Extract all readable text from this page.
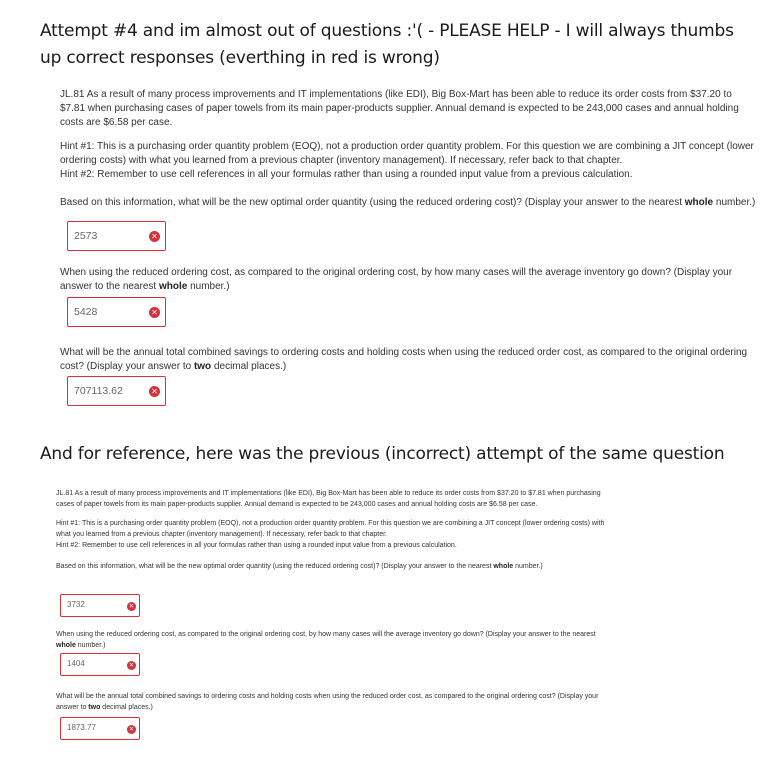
Attempt #4 and im almost out of questions :'( - PLEASE HELP - I will always thumbs up correct responses (everthing in red is wrong)

JL.81 As a result of many process improvements and IT implementations (like EDI), Big Box-Mart has been able to reduce its order costs from $37.20 to $7.81 when purchasing cases of paper towels from its main paper-products supplier. Annual demand is expected to be 243,000 cases and annual holding costs are $6.58 per case.

Hint #1: This is a purchasing order quantity problem (EOQ), not a production order quantity problem. For this question we are combining a JIT concept (lower ordering costs) with what you learned from a previous chapter (inventory management). If necessary, refer back to that chapter.

Hint #2: Remember to use cell references in all your formulas rather than using a rounded input value from a previous calculation.

Based on this information, what will be the new optimal order quantity (using the reduced ordering cost)? (Display your answer to the nearest whole number.)

2573	✕

When using the reduced ordering cost, as compared to the original ordering cost, by how many cases will the average inventory go down? (Display your answer to the nearest whole number.)

5428	✕

What will be the annual total combined savings to ordering costs and holding costs when using the reduced order cost, as compared to the original ordering cost? (Display your answer to two decimal places.)

707113.62	✕
And for reference, here was the previous (incorrect) attempt of the same question

JL.81 As a result of many process improvements and IT implementations (like EDI), Big Box-Mart has been able to reduce its order costs from $37.20 to $7.81 when purchasing cases of paper towels from its main paper-products supplier. Annual demand is expected to be 243,000 cases and annual holding costs are $6.58 per case.

Hint #1: This is a purchasing order quantity problem (EOQ), not a production order quantity problem. For this question we are combining a JIT concept (lower ordering costs) with what you learned from a previous chapter (inventory management). If necessary, refer back to that chapter.

Hint #2: Remember to use cell references in all your formulas rather than using a rounded input value from a previous calculation.

Based on this information, what will be the new optimal order quantity (using the reduced ordering cost)? (Display your answer to the nearest whole number.)

3732	✕

When using the reduced ordering cost, as compared to the original ordering cost, by how many cases will the average inventory go down? (Display your answer to the nearest whole number.)

1404	✕

What will be the annual total combined savings to ordering costs and holding costs when using the reduced order cost, as compared to the original ordering cost? (Display your answer to two decimal places.)

1873.77	✕
